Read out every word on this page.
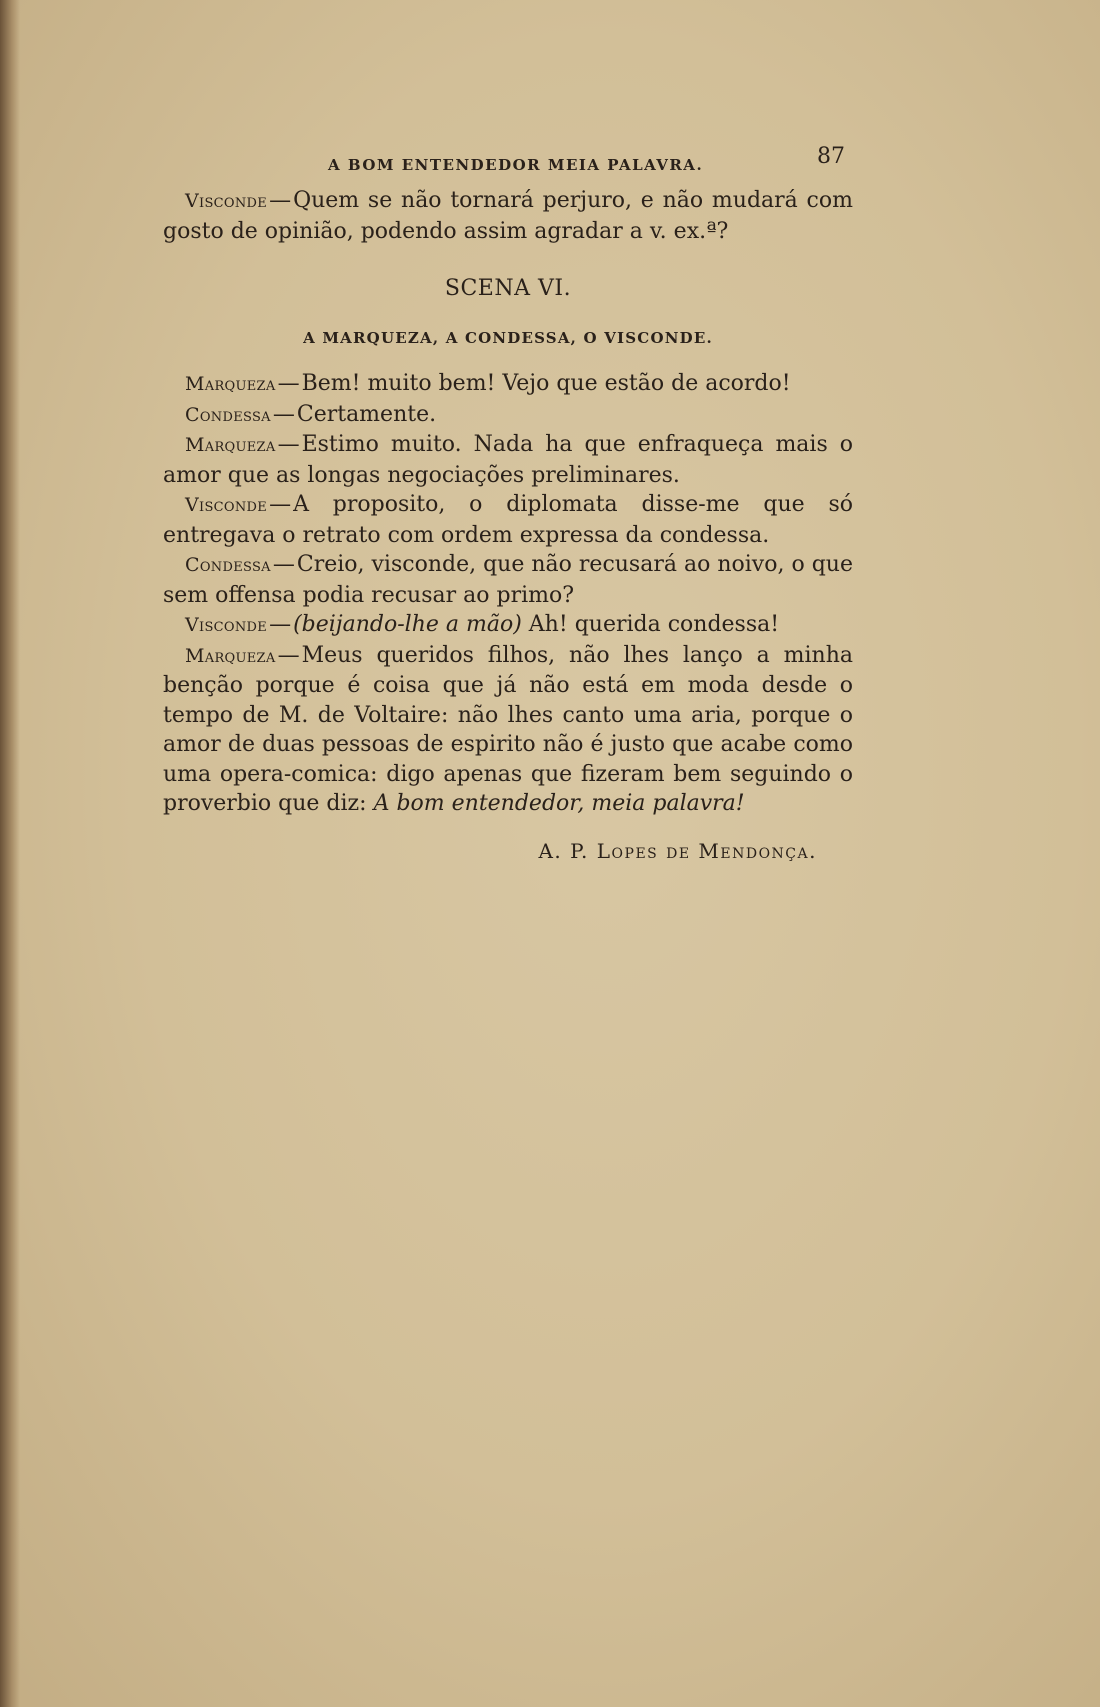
A BOM ENTENDEDOR MEIA PALAVRA.	87

Visconde—Quem se não tornará perjuro, e não mudará com gosto de opinião, podendo assim agradar a v. ex.ª?

SCENA VI.
A MARQUEZA, A CONDESSA, O VISCONDE.

Marqueza—Bem! muito bem! Vejo que estão de acordo!

Condessa—Certamente.

Marqueza—Estimo muito. Nada ha que enfraqueça mais o amor que as longas negociações preliminares.

Visconde—A proposito, o diplomata disse-me que só entregava o retrato com ordem expressa da condessa.

Condessa—Creio, visconde, que não recusará ao noivo, o que sem offensa podia recusar ao primo?

Visconde—(beijando-lhe a mão) Ah! querida condessa!

Marqueza—Meus queridos filhos, não lhes lanço a minha benção porque é coisa que já não está em moda desde o tempo de M. de Voltaire: não lhes canto uma aria, porque o amor de duas pessoas de espirito não é justo que acabe como uma opera-comica: digo apenas que fizeram bem seguindo o proverbio que diz: A bom entendedor, meia palavra!

A. P. Lopes de Mendonça.
